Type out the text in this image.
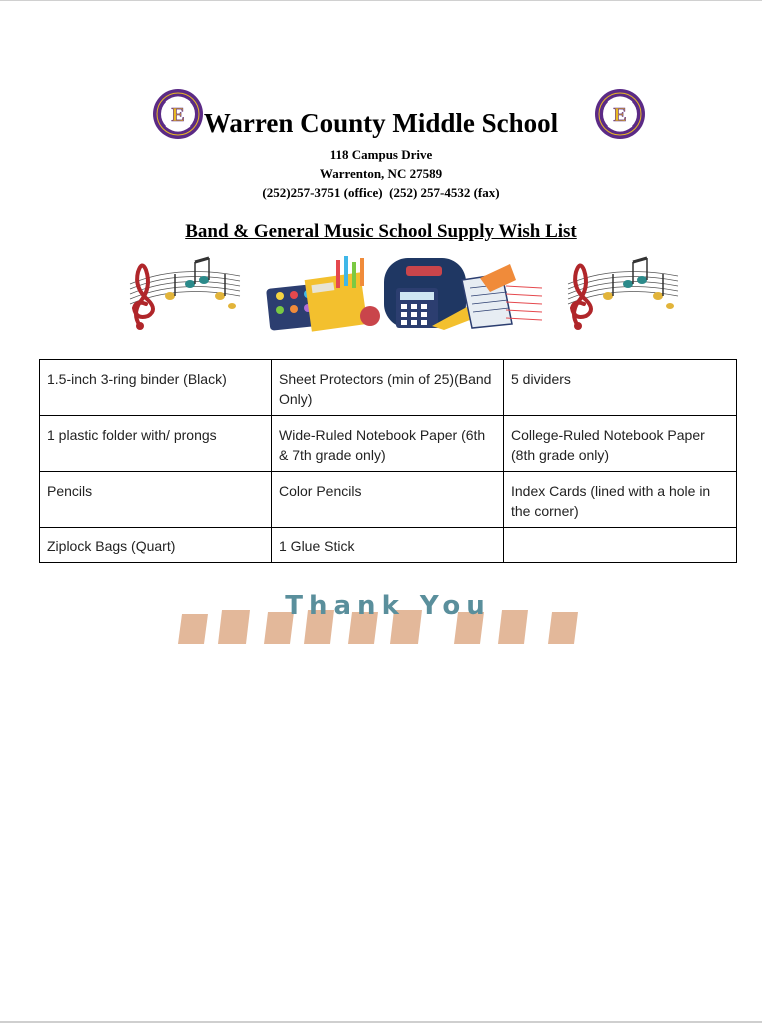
E Warren County Middle School	E
118 Campus Drive
Warrenton, NC 27589
(252)257-3751 (office)  (252) 257-4532 (fax)
Band & General Music School Supply Wish List
1.5-inch 3-ring binder (Black)	Sheet Protectors (min of 25)(Band Only)	5 dividers
1 plastic folder with/ prongs	Wide-Ruled Notebook Paper (6th & 7th grade only)	College-Ruled Notebook Paper (8th grade only)
Pencils	Color Pencils	Index Cards (lined with a hole in the corner)
Ziplock Bags (Quart)	1 Glue Stick	
Thank You
